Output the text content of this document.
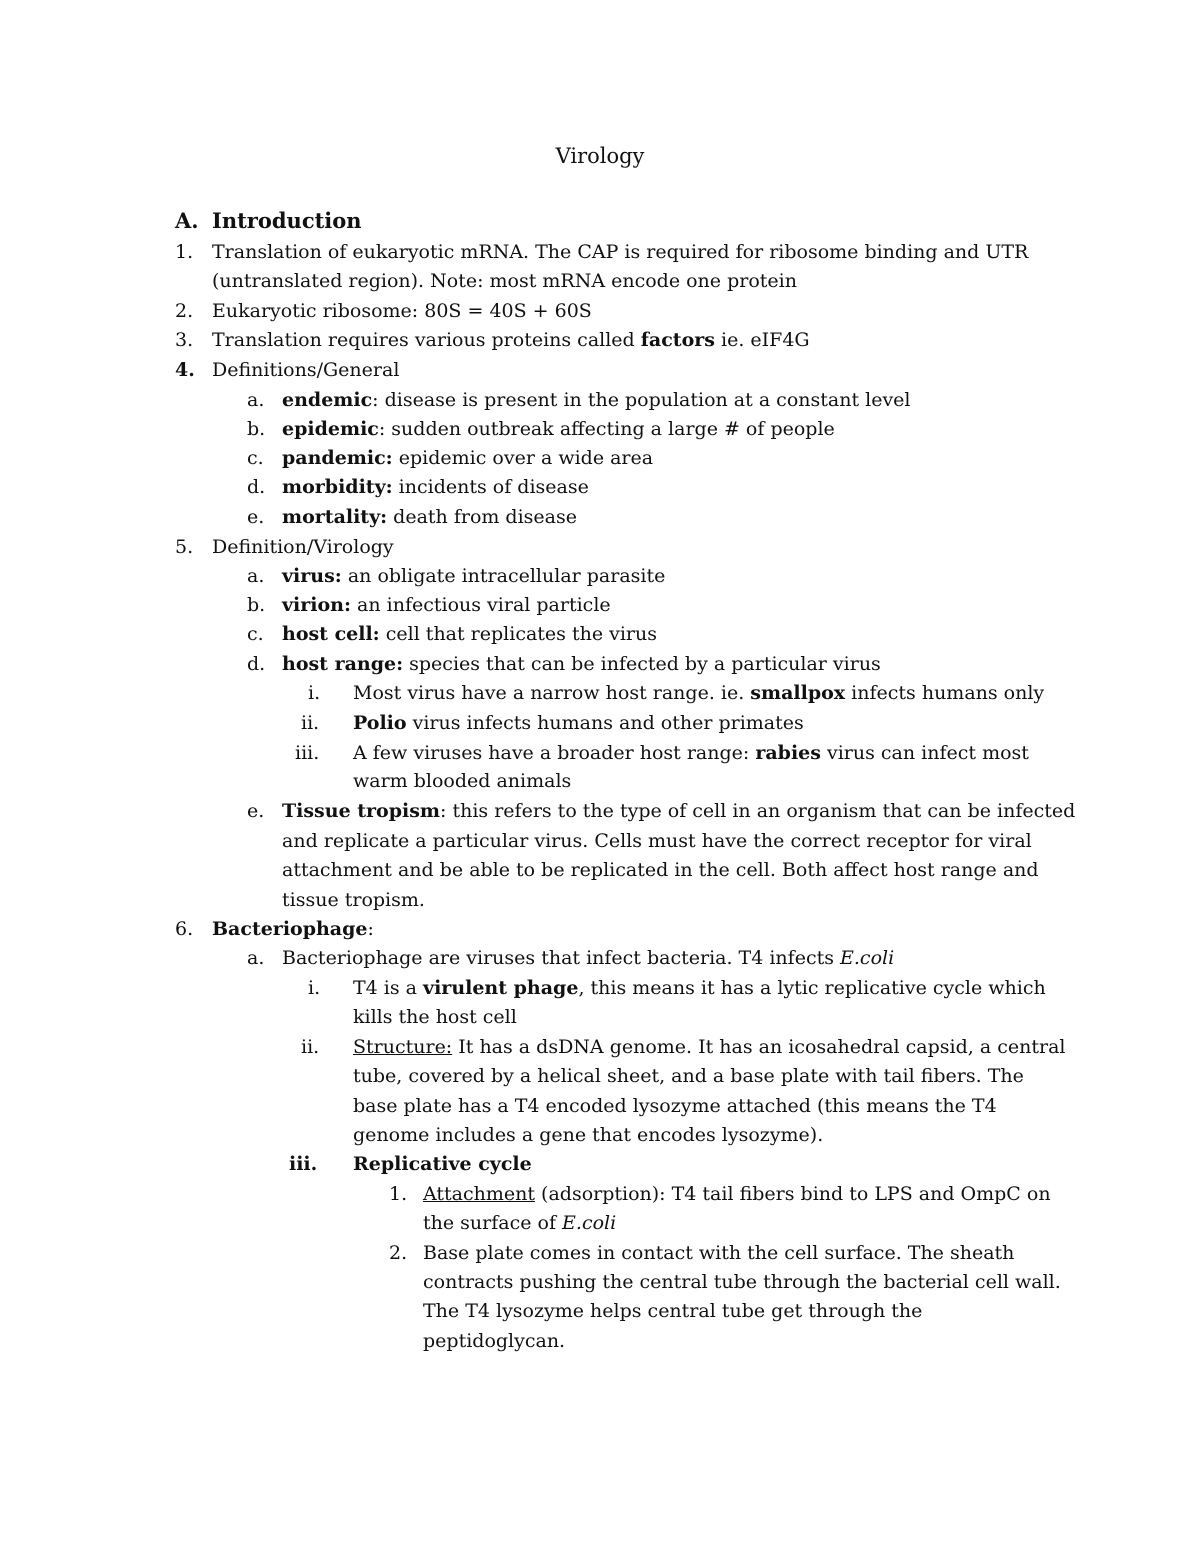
Virology
A. Introduction
1. Translation of eukaryotic mRNA. The CAP is required for ribosome binding and UTR
(untranslated region). Note: most mRNA encode one protein
2. Eukaryotic ribosome: 80S = 40S + 60S
3. Translation requires various proteins called factors ie. eIF4G
4. Definitions/General
a. endemic: disease is present in the population at a constant level
b. epidemic: sudden outbreak affecting a large # of people
c. pandemic: epidemic over a wide area
d. morbidity: incidents of disease
e. mortality: death from disease
5. Definition/Virology
a. virus: an obligate intracellular parasite
b. virion: an infectious viral particle
c. host cell: cell that replicates the virus
d. host range: species that can be infected by a particular virus
i. Most virus have a narrow host range. ie. smallpox infects humans only
ii. Polio virus infects humans and other primates
iii. A few viruses have a broader host range: rabies virus can infect most
warm blooded animals
e. Tissue tropism: this refers to the type of cell in an organism that can be infected
and replicate a particular virus. Cells must have the correct receptor for viral
attachment and be able to be replicated in the cell. Both affect host range and
tissue tropism.
6. Bacteriophage:
a. Bacteriophage are viruses that infect bacteria. T4 infects E.coli
i. T4 is a virulent phage, this means it has a lytic replicative cycle which
kills the host cell
ii. Structure: It has a dsDNA genome. It has an icosahedral capsid, a central
tube, covered by a helical sheet, and a base plate with tail fibers. The
base plate has a T4 encoded lysozyme attached (this means the T4
genome includes a gene that encodes lysozyme).
iii. Replicative cycle
1. Attachment (adsorption): T4 tail fibers bind to LPS and OmpC on
the surface of E.coli
2. Base plate comes in contact with the cell surface. The sheath
contracts pushing the central tube through the bacterial cell wall.
The T4 lysozyme helps central tube get through the
peptidoglycan.
